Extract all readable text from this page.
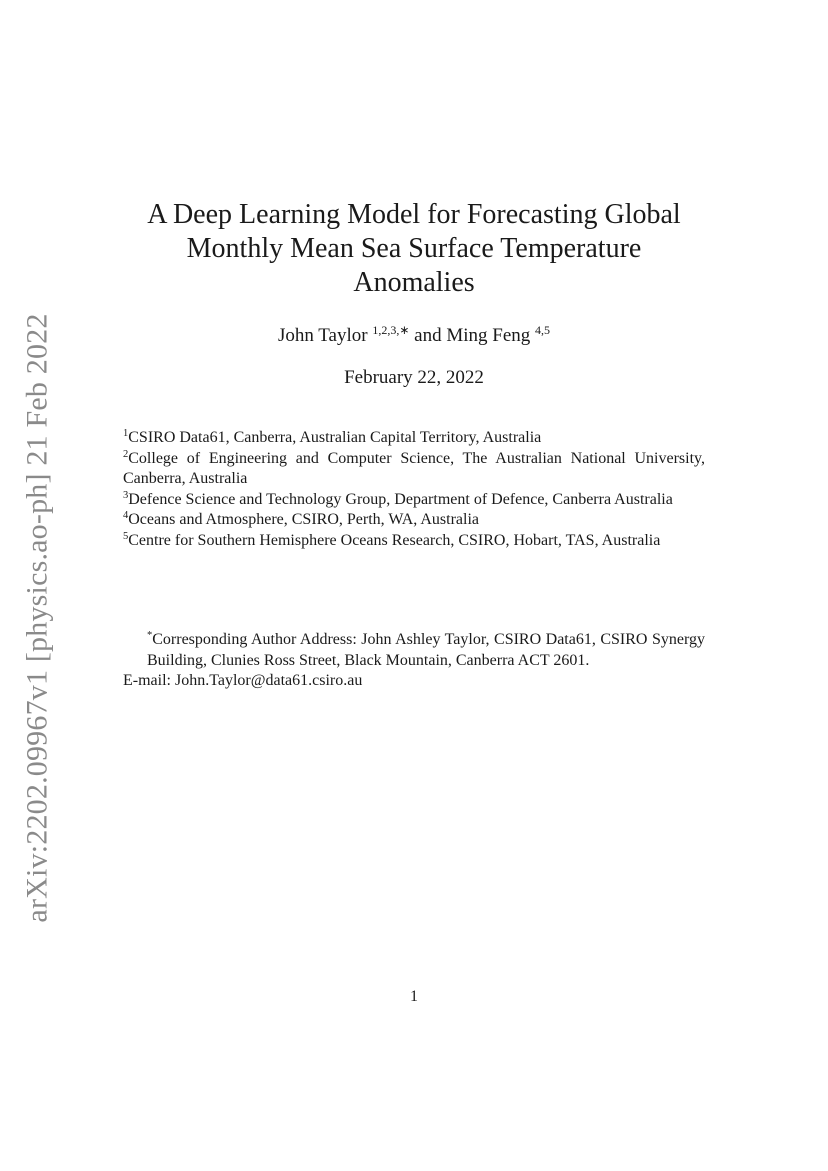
arXiv:2202.09967v1 [physics.ao-ph] 21 Feb 2022
A Deep Learning Model for Forecasting Global
Monthly Mean Sea Surface Temperature
Anomalies
John Taylor $^{1,2,3,∗}$ and Ming Feng $^{4,5}$
February 22, 2022
$^1$CSIRO Data61, Canberra, Australian Capital Territory, Australia
$^2$College of Engineering and Computer Science, The Australian National University, Canberra, Australia
$^3$Defence Science and Technology Group, Department of Defence, Canberra Australia
$^4$Oceans and Atmosphere, CSIRO, Perth, WA, Australia
$^5$Centre for Southern Hemisphere Oceans Research, CSIRO, Hobart, TAS, Australia
*Corresponding Author Address: John Ashley Taylor, CSIRO Data61, CSIRO Synergy Building, Clunies Ross Street, Black Mountain, Canberra ACT 2601.
E-mail: John.Taylor@data61.csiro.au
1
